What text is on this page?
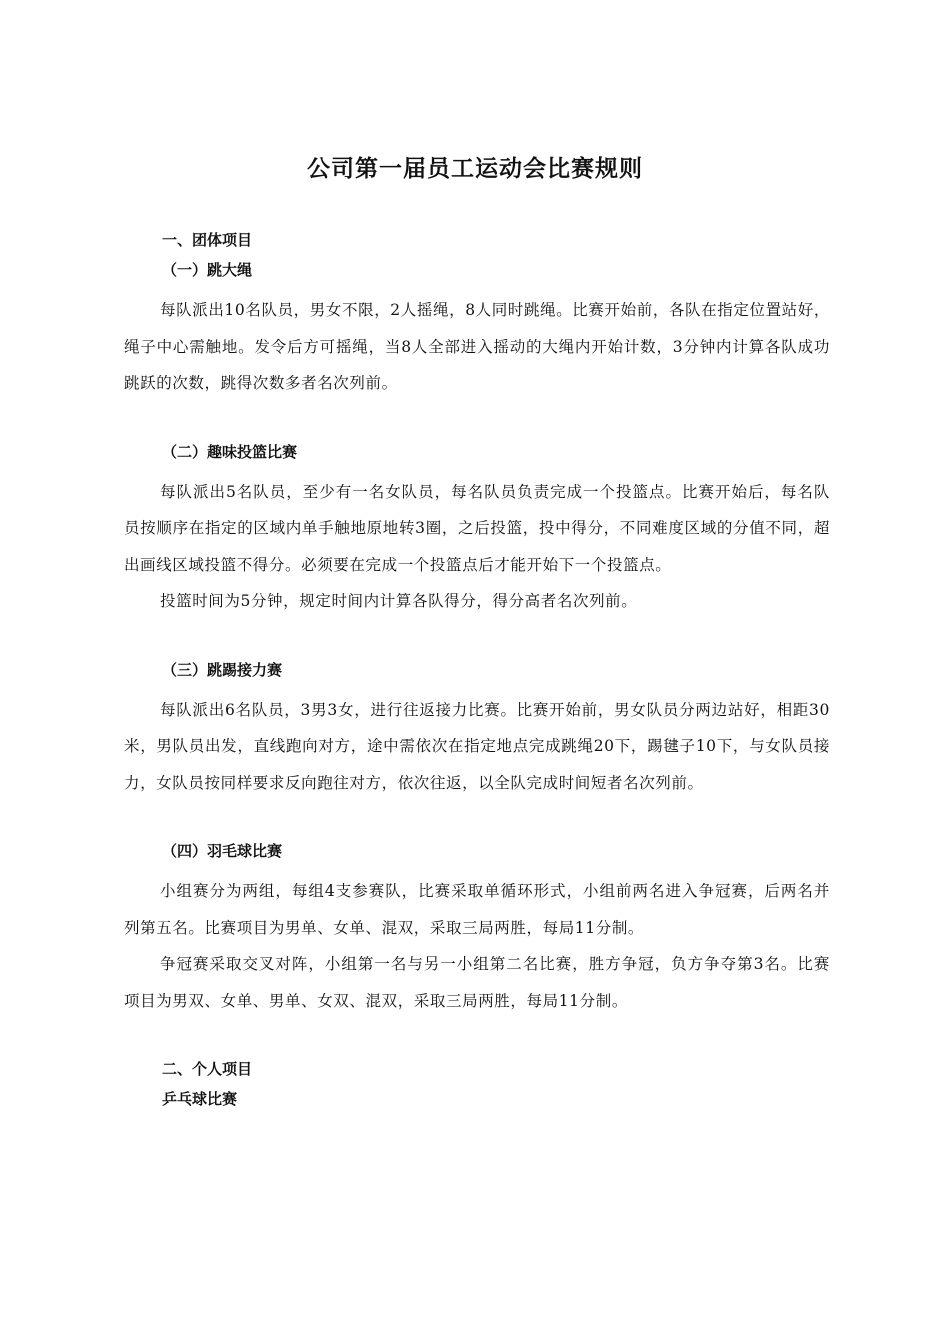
公司第一届员工运动会比赛规则
一、团体项目
（一）跳大绳

每队派出10名队员，男女不限，2人摇绳，8人同时跳绳。比赛开始前，各队在指定位置站好，绳子中心需触地。发令后方可摇绳，当8人全部进入摇动的大绳内开始计数，3分钟内计算各队成功跳跃的次数，跳得次数多者名次列前。

（二）趣味投篮比赛

每队派出5名队员，至少有一名女队员，每名队员负责完成一个投篮点。比赛开始后，每名队员按顺序在指定的区域内单手触地原地转3圈，之后投篮，投中得分，不同难度区域的分值不同，超出画线区域投篮不得分。必须要在完成一个投篮点后才能开始下一个投篮点。

投篮时间为5分钟，规定时间内计算各队得分，得分高者名次列前。

（三）跳踢接力赛

每队派出6名队员，3男3女，进行往返接力比赛。比赛开始前，男女队员分两边站好，相距30米，男队员出发，直线跑向对方，途中需依次在指定地点完成跳绳20下，踢毽子10下，与女队员接力，女队员按同样要求反向跑往对方，依次往返，以全队完成时间短者名次列前。

（四）羽毛球比赛

小组赛分为两组，每组4支参赛队，比赛采取单循环形式，小组前两名进入争冠赛，后两名并列第五名。比赛项目为男单、女单、混双，采取三局两胜，每局11分制。

争冠赛采取交叉对阵，小组第一名与另一小组第二名比赛，胜方争冠，负方争夺第3名。比赛项目为男双、女单、男单、女双、混双，采取三局两胜，每局11分制。

二、个人项目
乒乓球比赛
